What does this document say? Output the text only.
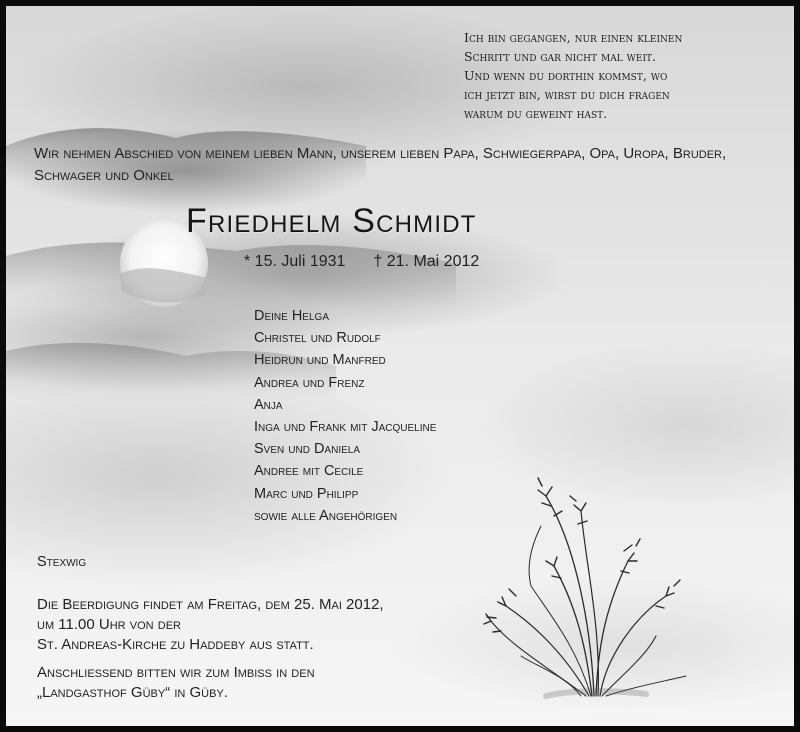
Ich bin gegangen, nur einen kleinen
Schritt und gar nicht mal weit.
Und wenn du dorthin kommst, wo
ich jetzt bin, wirst du dich fragen
warum du geweint hast.
Wir nehmen Abschied von meinem lieben Mann, unserem lieben Papa, Schwiegerpapa, Opa, Uropa, Bruder, Schwager und Onkel
Friedhelm Schmidt
* 15. Juli 1931 † 21. Mai 2012
Deine Helga
Christel und Rudolf
Heidrun und Manfred
Andrea und Frenz
Anja
Inga und Frank mit Jacqueline
Sven und Daniela
Andree mit Cecile
Marc und Philipp
sowie alle Angehörigen
Stexwig
Die Beerdigung findet am Freitag, dem 25. Mai 2012,
um 11.00 Uhr von der
St. Andreas-Kirche zu Haddeby aus statt.
Anschließend bitten wir zum Imbiss in den
„Landgasthof Güby“ in Güby.
